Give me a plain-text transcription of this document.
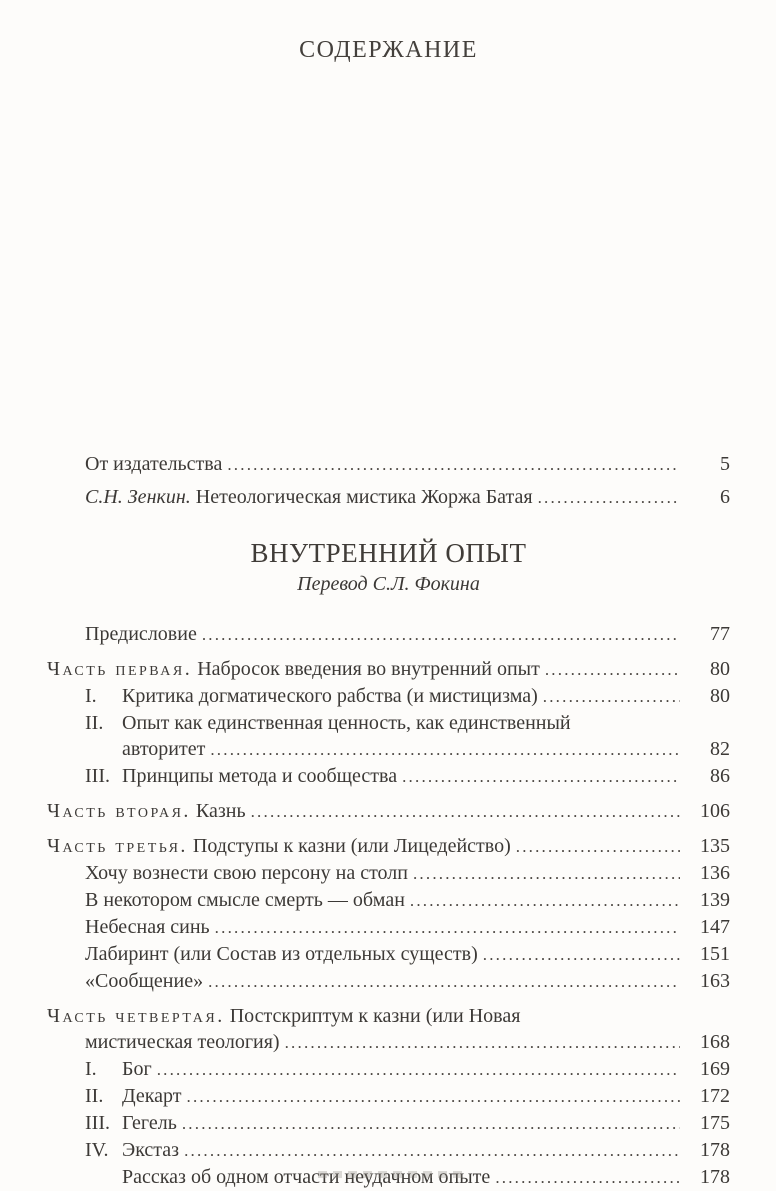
СОДЕРЖАНИЕ
От издательства .....	5
С.Н. Зенкин. Нетеологическая мистика Жоржа Батая .....	6
ВНУТРЕННИЙ ОПЫТ
Перевод С.Л. Фокина
Предисловие .....	77
Часть первая. Набросок введения во внутренний опыт .....	80
I.	Критика догматического рабства (и мистицизма) .....	80
II. Опыт как единственная ценность, как единственный
авторитет .....	82
III. Принципы метода и сообщества .....	86
Часть вторая. Казнь .....	106
Часть третья. Подступы к казни (или Лицедейство) .....	135
Хочу вознести свою персону на столп .....	136
В некотором смысле смерть — обман .....	139
Небесная синь .....	147
Лабиринт (или Состав из отдельных существ) .....	151
«Сообщение» .....	163
Часть четвертая. Постскриптум к казни (или Новая
мистическая теология) .....	168
I.	Бог .....	169
II. Декарт .....	172
III. Гегель .....	175
IV. Экстаз .....	178
Рассказ об одном отчасти неудачном опыте .....	178
